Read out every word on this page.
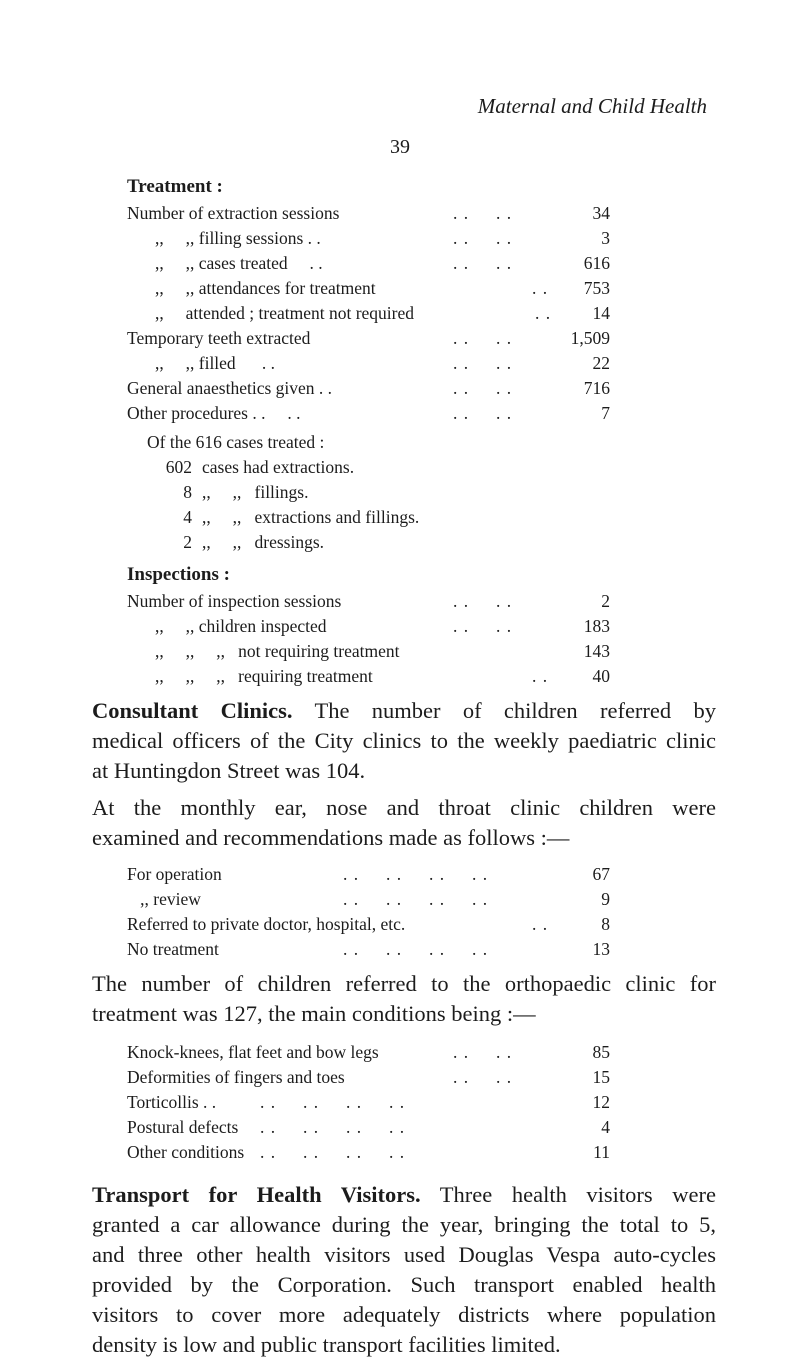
Maternal and Child Health
39
Treatment :
Number of extraction sessions	. .     . .	34
,,     ,, filling sessions . .	. .     . .	3
,,     ,, cases treated     . .	. .     . .	616
,,     ,, attendances for treatment	. . 753
,,     attended ; treatment not required	. . 14
Temporary teeth extracted	. .     . .	1,509
,,     ,, filled      . .	. .     . .	22
General anaesthetics given . .	. .     . .	716
Other procedures . .     . .	. .     . .	7
Of the 616 cases treated :
602 cases had extractions.
8 ,,     ,,   fillings.
4 ,,     ,,   extractions and fillings.
2 ,,     ,,   dressings.
Inspections :
Number of inspection sessions	. .     . .	2
,,     ,, children inspected	. .     . .	183
,,     ,,     ,,   not requiring treatment	143
,,     ,,     ,,   requiring treatment	. .	40
Consultant Clinics. The number of children referred by
medical officers of the City clinics to the weekly paediatric clinic
at Huntingdon Street was 104.
At the monthly ear, nose and throat clinic children were
examined and recommendations made as follows :—
For operation	. .     . .     . .     . .	67
,, review	. .     . .     . .     . .	9
Referred to private doctor, hospital, etc.	. .	8
No treatment	. .     . .     . .     . .	13
The number of children referred to the orthopaedic clinic for
treatment was 127, the main conditions being :—
Knock-knees, flat feet and bow legs	. .     . .	85
Deformities of fingers and toes	. .     . .	15
Torticollis . .	. .     . .     . .     . .	12
Postural defects . .     . .     . .     . .	4
Other conditions . .     . .     . .     . .	11
Transport for Health Visitors. Three health visitors were
granted a car allowance during the year, bringing the total to 5,
and three other health visitors used Douglas Vespa auto-cycles
provided by the Corporation. Such transport enabled health
visitors to cover more adequately districts where population
density is low and public transport facilities limited.
